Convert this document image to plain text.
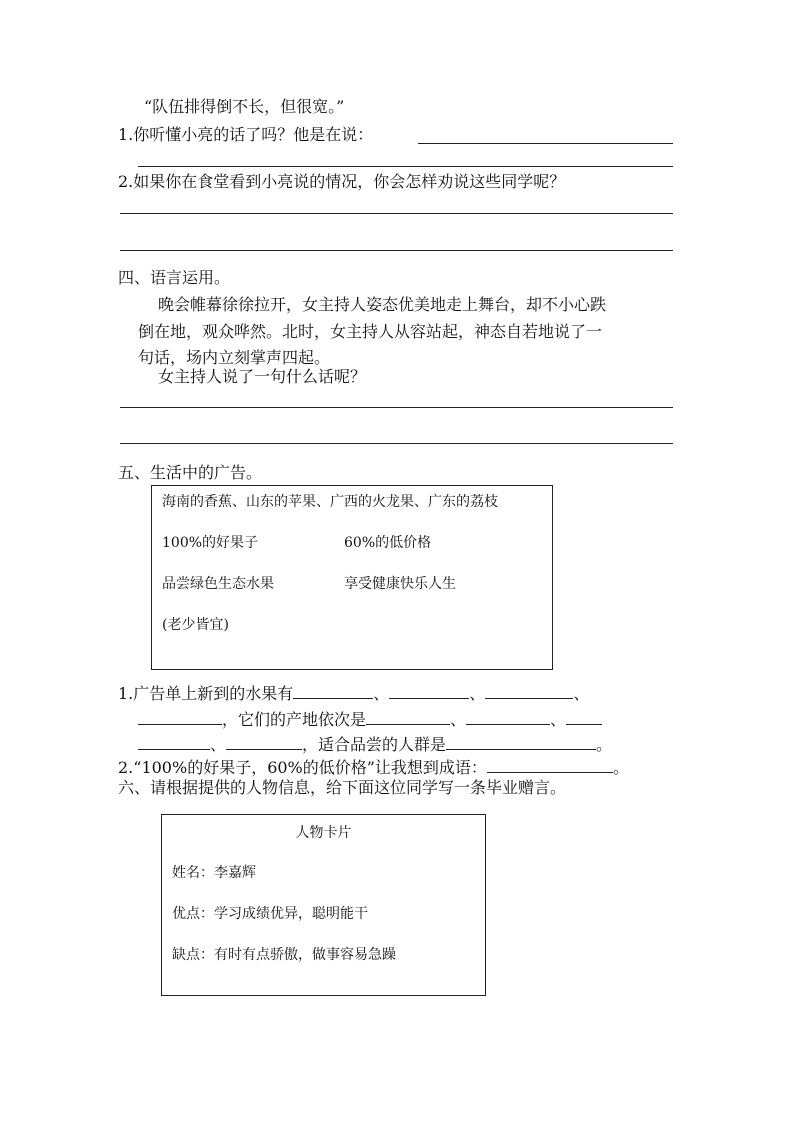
“队伍排得倒不长，但很宽。”
1.你听懂小亮的话了吗？他是在说：
2.如果你在食堂看到小亮说的情况，你会怎样劝说这些同学呢？
四、语言运用。
晚会帷幕徐徐拉开，女主持人姿态优美地走上舞台，却不小心跌
倒在地，观众哗然。北时，女主持人从容站起，神态自若地说了一
句话，场内立刻掌声四起。
女主持人说了一句什么话呢？
五、生活中的广告。
海南的香蕉、山东的苹果、广西的火龙果、广东的荔枝
100%的好果子	60%的低价格
品尝绿色生态水果	享受健康快乐人生
(老少皆宜)
1.广告单上新到的水果有	、	、	、
，它们的产地依次是	、	、
、	，适合品尝的人群是	。
2.“100%的好果子，60%的低价格”让我想到成语：	。
六、请根据提供的人物信息，给下面这位同学写一条毕业赠言。
人物卡片
姓名：李嘉辉
优点：学习成绩优异，聪明能干
缺点：有时有点骄傲，做事容易急躁
